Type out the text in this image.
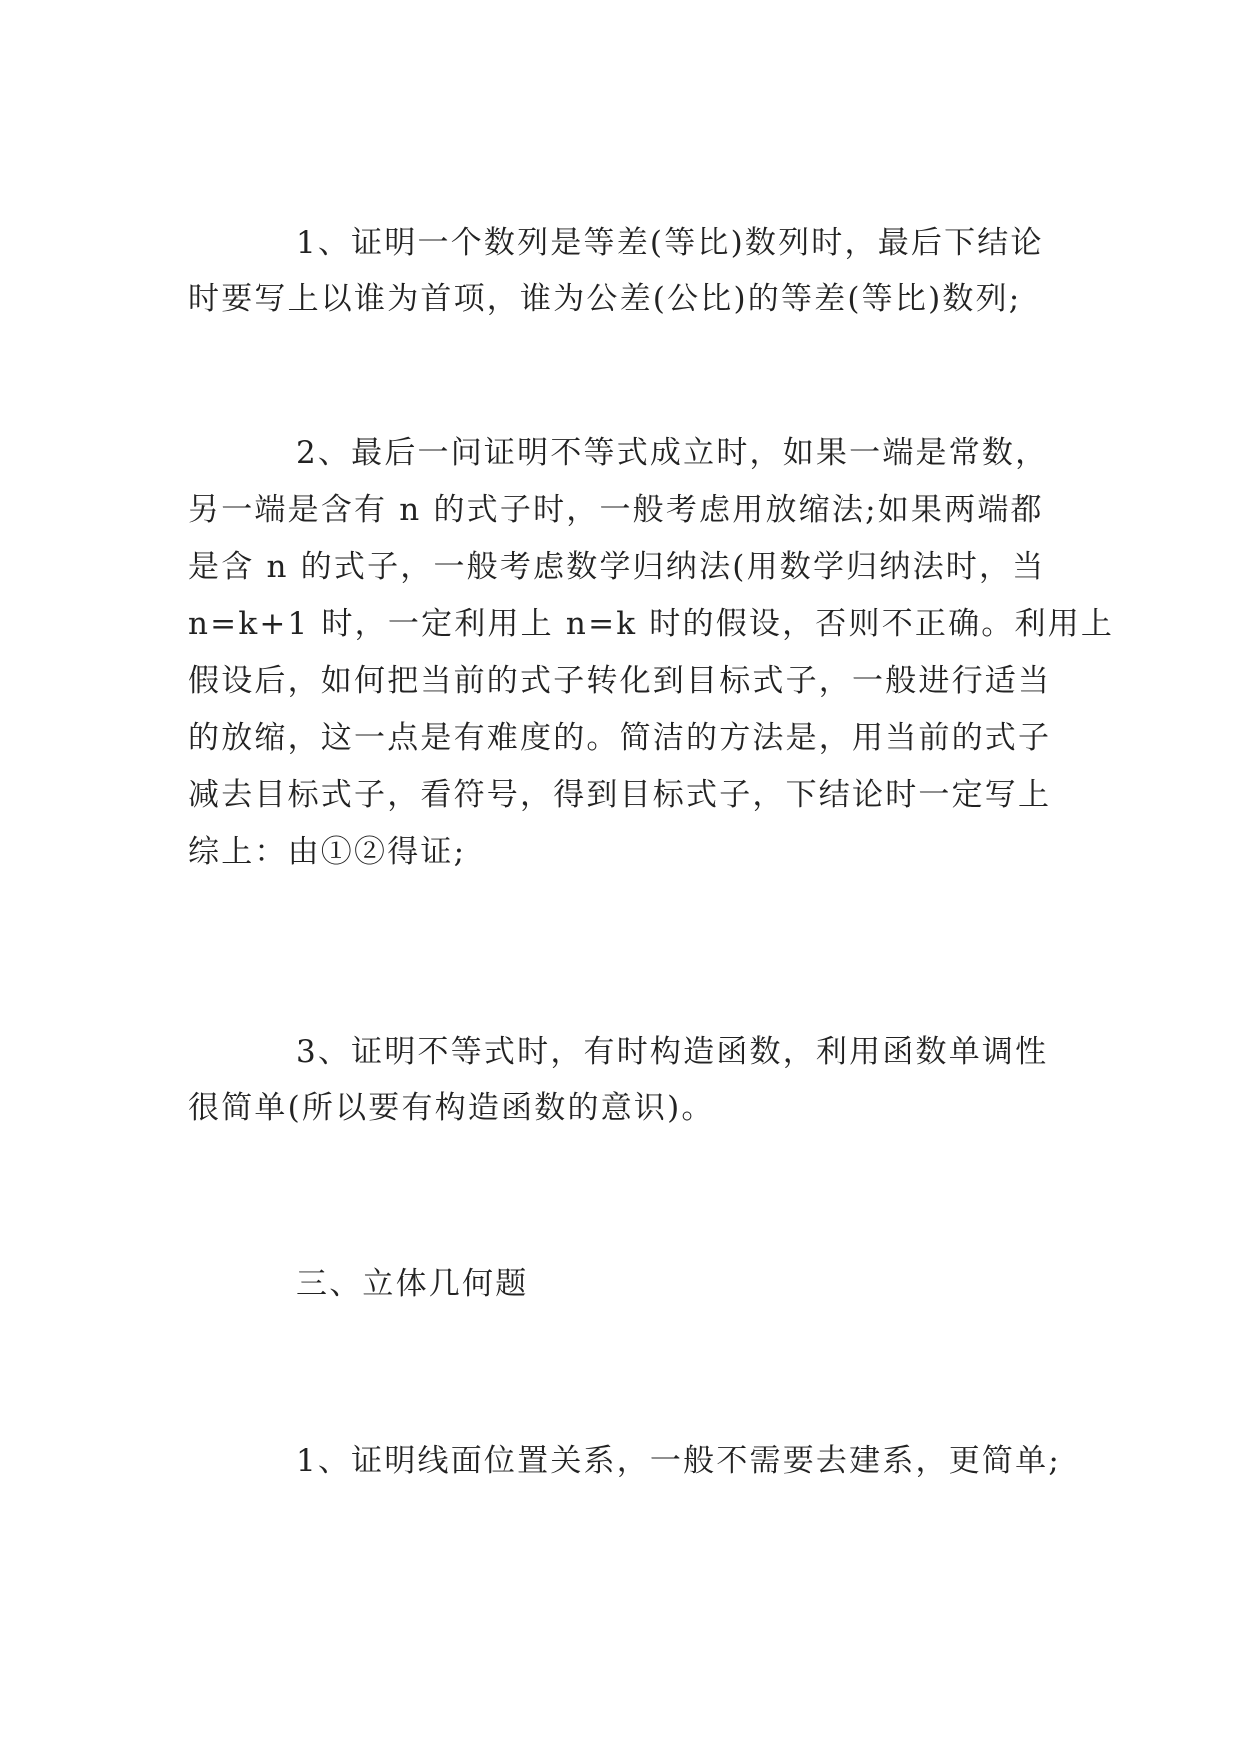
1、证明一个数列是等差(等比)数列时，最后下结论
时要写上以谁为首项，谁为公差(公比)的等差(等比)数列;
2、最后一问证明不等式成立时，如果一端是常数，
另一端是含有 n 的式子时，一般考虑用放缩法;如果两端都
是含 n 的式子，一般考虑数学归纳法(用数学归纳法时，当
n=k+1 时，一定利用上 n=k 时的假设，否则不正确。利用上
假设后，如何把当前的式子转化到目标式子，一般进行适当
的放缩，这一点是有难度的。简洁的方法是，用当前的式子
减去目标式子，看符号，得到目标式子，下结论时一定写上
综上：由①②得证;
3、证明不等式时，有时构造函数，利用函数单调性
很简单(所以要有构造函数的意识)。
三、立体几何题
1、证明线面位置关系，一般不需要去建系，更简单;
